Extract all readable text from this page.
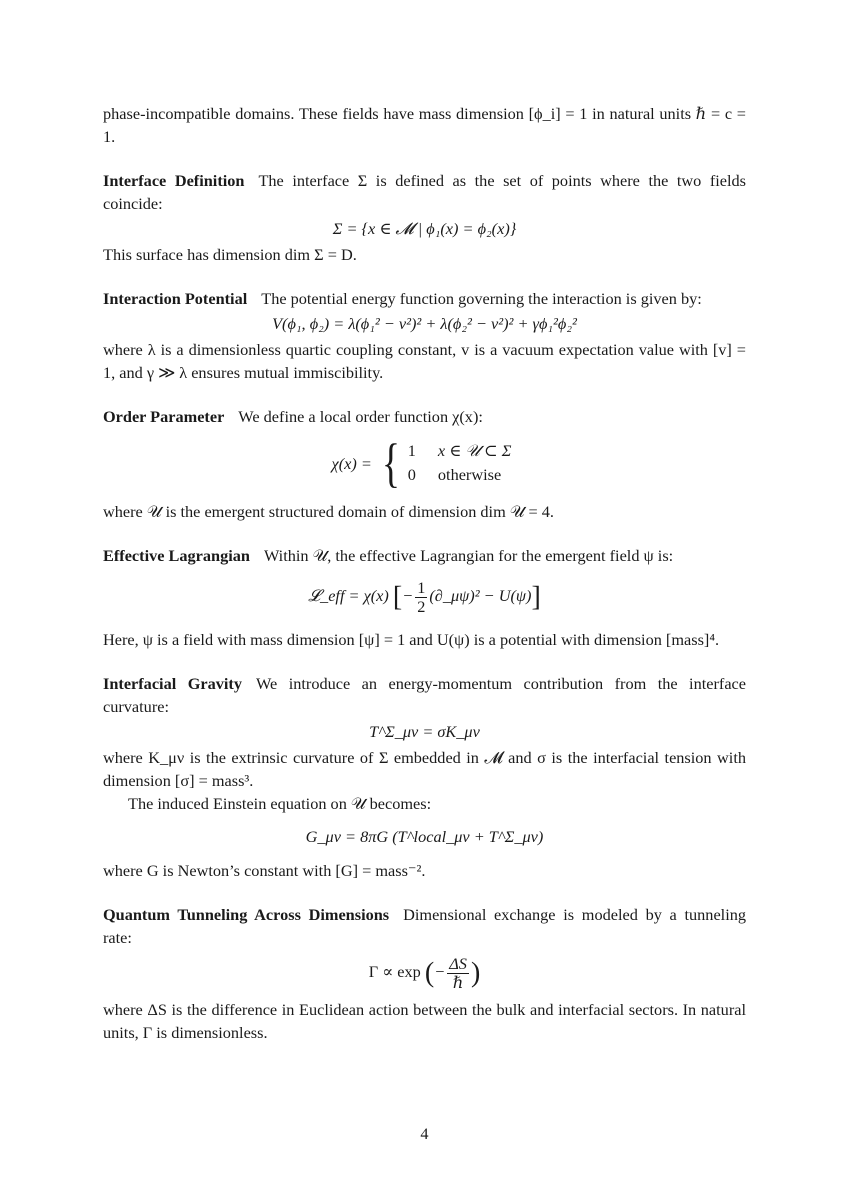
phase-incompatible domains. These fields have mass dimension [ϕ_i] = 1 in natural units ℏ = c = 1.

Interface Definition The interface Σ is defined as the set of points where the two fields coincide:

Σ = {x ∈ 𝓜 | ϕ₁(x) = ϕ₂(x)}

This surface has dimension dim Σ = D.

Interaction Potential The potential energy function governing the interaction is given by:

V(ϕ₁, ϕ₂) = λ(ϕ₁² − v²)² + λ(ϕ₂² − v²)² + γϕ₁²ϕ₂²

where λ is a dimensionless quartic coupling constant, v is a vacuum expectation value with [v] = 1, and γ ≫ λ ensures mutual immiscibility.

Order Parameter We define a local order function χ(x):

χ(x) = { 1	x ∈ 𝒰 ⊂ Σ
0	otherwise

where 𝒰 is the emergent structured domain of dimension dim 𝒰 = 4.

Effective Lagrangian Within 𝒰, the effective Lagrangian for the emergent field ψ is:

𝓛_eff = χ(x) [− $\frac{1}{2}$ (∂_μψ)² − U(ψ)]

Here, ψ is a field with mass dimension [ψ] = 1 and U(ψ) is a potential with dimension [mass]⁴.

Interfacial Gravity We introduce an energy-momentum contribution from the interface curvature:

T^Σ_μν = σK_μν

where K_μν is the extrinsic curvature of Σ embedded in 𝓜 and σ is the interfacial tension with dimension [σ] = mass³.

The induced Einstein equation on 𝒰 becomes:

G_μν = 8πG (T^local_μν + T^Σ_μν)

where G is Newton’s constant with [G] = mass⁻².

Quantum Tunneling Across Dimensions Dimensional exchange is modeled by a tunneling rate:

Γ ∝ exp (− $\frac{\Delta S}{\text{ℏ}}$ )

where ΔS is the difference in Euclidean action between the bulk and interfacial sectors. In natural units, Γ is dimensionless.

4
